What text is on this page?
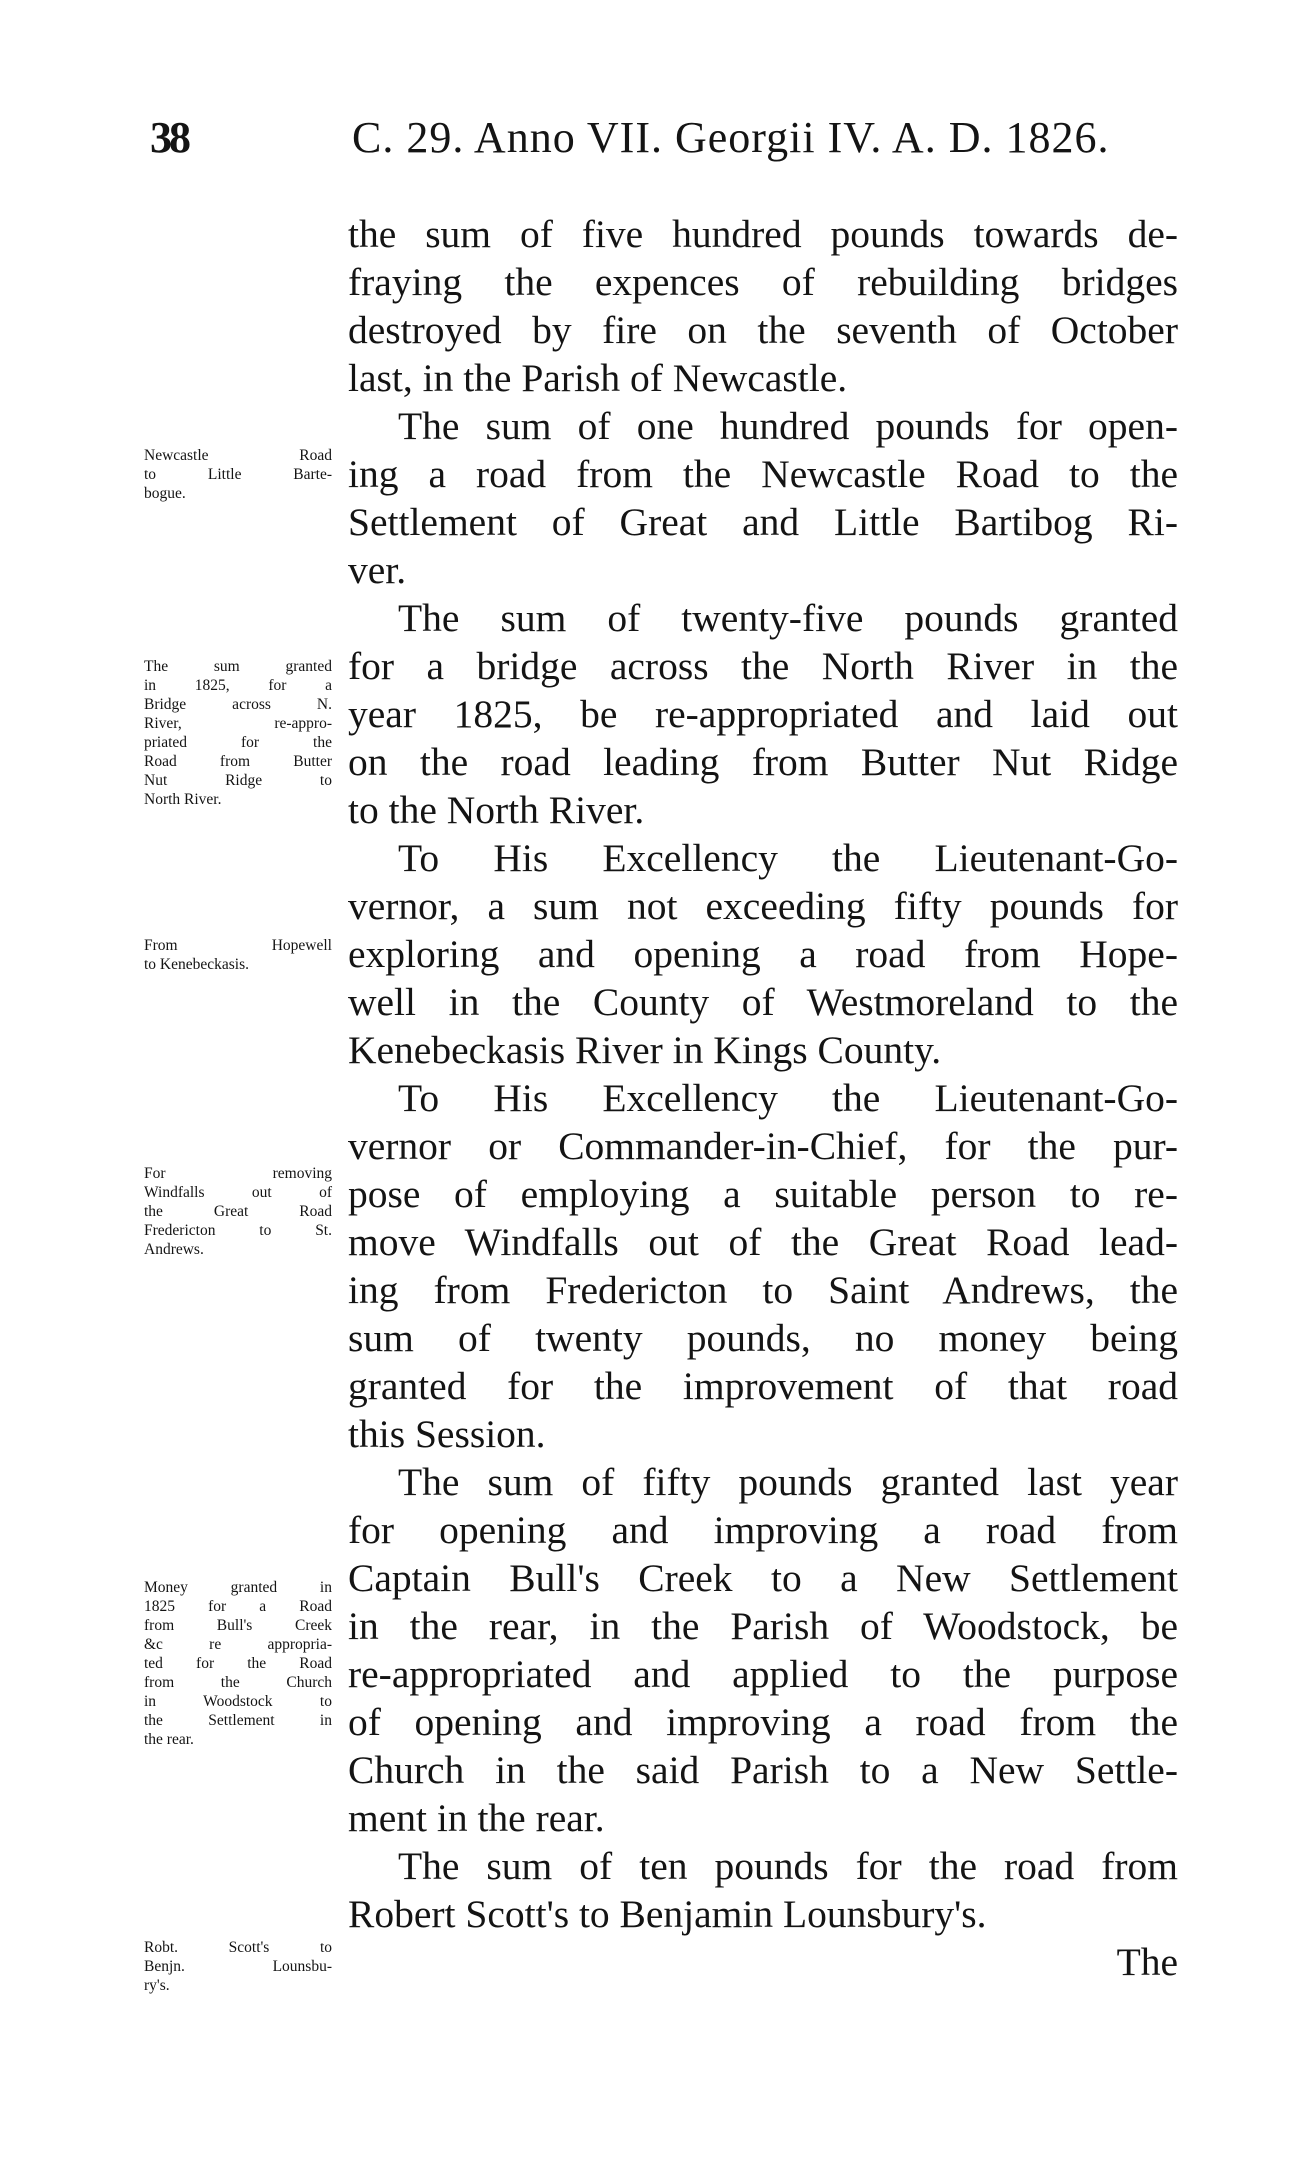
38	C. 29. Anno VII. Georgii IV. A. D. 1826.
the sum of five hundred pounds towards de-
fraying the expences of rebuilding bridges
destroyed by fire on the seventh of October
last, in the Parish of Newcastle.
The sum of one hundred pounds for open-
ing a road from the Newcastle Road to the
Settlement of Great and Little Bartibog Ri-
ver.
The sum of twenty-five pounds granted
for a bridge across the North River in the
year 1825, be re-appropriated and laid out
on the road leading from Butter Nut Ridge
to the North River.
To His Excellency the Lieutenant-Go-
vernor, a sum not exceeding fifty pounds for
exploring and opening a road from Hope-
well in the County of Westmoreland to the
Kenebeckasis River in Kings County.
To His Excellency the Lieutenant-Go-
vernor or Commander-in-Chief, for the pur-
pose of employing a suitable person to re-
move Windfalls out of the Great Road lead-
ing from Fredericton to Saint Andrews, the
sum of twenty pounds, no money being
granted for the improvement of that road
this Session.
The sum of fifty pounds granted last year
for opening and improving a road from
Captain Bull's Creek to a New Settlement
in the rear, in the Parish of Woodstock, be
re-appropriated and applied to the purpose
of opening and improving a road from the
Church in the said Parish to a New Settle-
ment in the rear.
The sum of ten pounds for the road from
Robert Scott's to Benjamin Lounsbury's.
The
Newcastle Road
to Little Barte-
bogue.
The sum granted
in 1825, for a
Bridge across N.
River, re-appro-
priated for the
Road from Butter
Nut Ridge to
North River.
From Hopewell
to Kenebeckasis.
For removing
Windfalls out of
the Great Road
Fredericton to St.
Andrews.
Money granted in
1825 for a Road
from Bull's Creek
&c re appropria-
ted for the Road
from the Church
in Woodstock to
the Settlement in
the rear.
Robt. Scott's to
Benjn. Lounsbu-
ry's.
